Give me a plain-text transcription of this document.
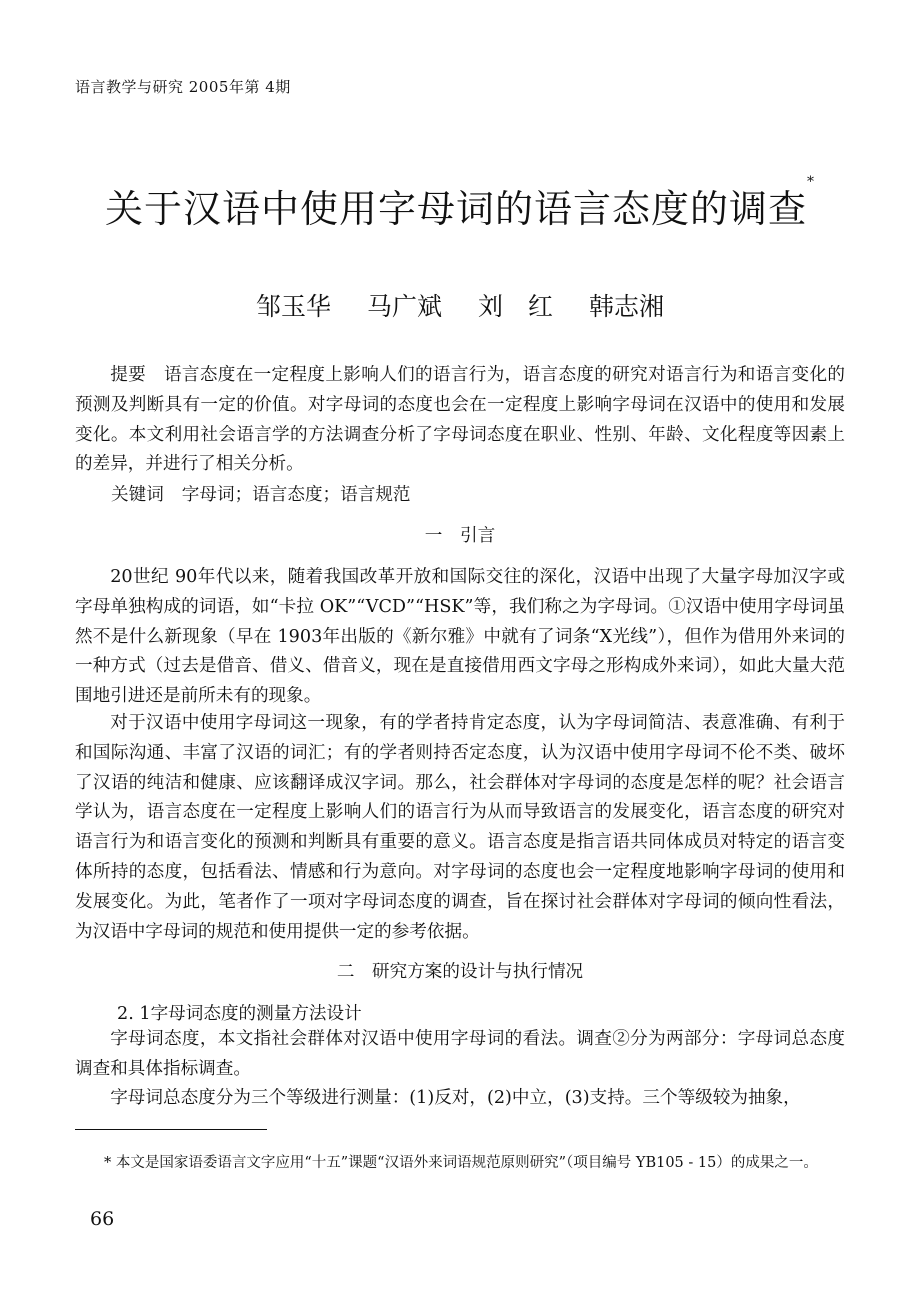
语言教学与研究 2005年第 4期
关于汉语中使用字母词的语言态度的调查*
邹玉华 马广斌 刘　红 韩志湘

提要　语言态度在一定程度上影响人们的语言行为，语言态度的研究对语言行为和语言变化的预测及判断具有一定的价值。对字母词的态度也会在一定程度上影响字母词在汉语中的使用和发展变化。本文利用社会语言学的方法调查分析了字母词态度在职业、性别、年龄、文化程度等因素上的差异，并进行了相关分析。

关键词 字母词；语言态度；语言规范
一　引言

20世纪 90年代以来，随着我国改革开放和国际交往的深化，汉语中出现了大量字母加汉字或字母单独构成的词语，如“卡拉 OK”“VCD”“HSK”等，我们称之为字母词。①汉语中使用字母词虽然不是什么新现象（早在 1903年出版的《新尔雅》中就有了词条“X光线”），但作为借用外来词的一种方式（过去是借音、借义、借音义，现在是直接借用西文字母之形构成外来词），如此大量大范围地引进还是前所未有的现象。

对于汉语中使用字母词这一现象，有的学者持肯定态度，认为字母词简洁、表意准确、有利于和国际沟通、丰富了汉语的词汇；有的学者则持否定态度，认为汉语中使用字母词不伦不类、破坏了汉语的纯洁和健康、应该翻译成汉字词。那么，社会群体对字母词的态度是怎样的呢？社会语言学认为，语言态度在一定程度上影响人们的语言行为从而导致语言的发展变化，语言态度的研究对语言行为和语言变化的预测和判断具有重要的意义。语言态度是指言语共同体成员对特定的语言变体所持的态度，包括看法、情感和行为意向。对字母词的态度也会一定程度地影响字母词的使用和发展变化。为此，笔者作了一项对字母词态度的调查，旨在探讨社会群体对字母词的倾向性看法，为汉语中字母词的规范和使用提供一定的参考依据。

二　研究方案的设计与执行情况
2. 1字母词态度的测量方法设计

字母词态度，本文指社会群体对汉语中使用字母词的看法。调查②分为两部分：字母词总态度调查和具体指标调查。

字母词总态度分为三个等级进行测量：(1)反对，(2)中立，(3)支持。三个等级较为抽象，

* 本文是国家语委语言文字应用“十五”课题“汉语外来词语规范原则研究”（项目编号 YB105 - 15）的成果之一。

66
